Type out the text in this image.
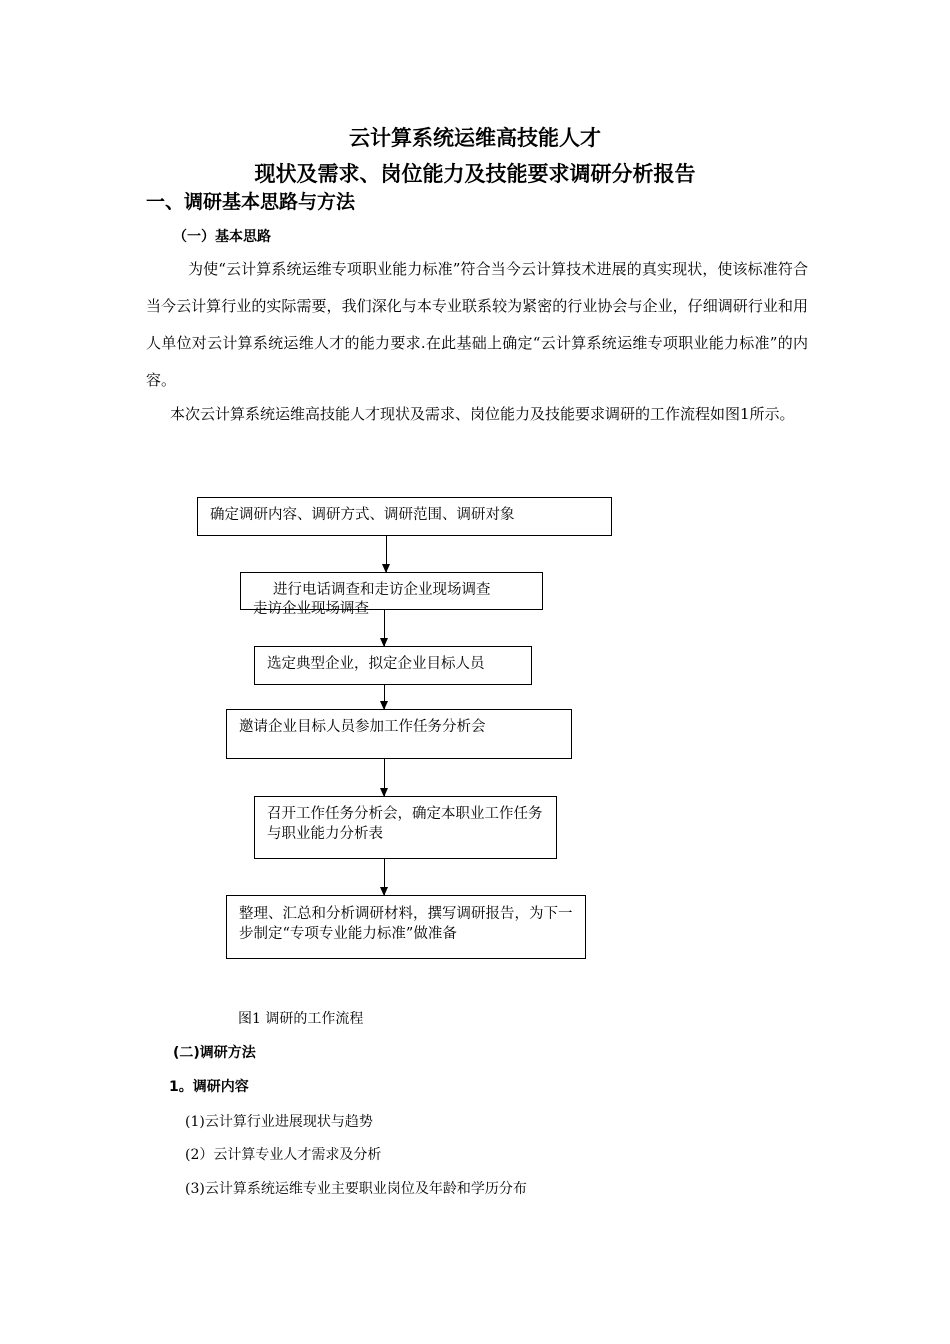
云计算系统运维高技能人才
现状及需求、岗位能力及技能要求调研分析报告
一、调研基本思路与方法
（一）基本思路
为使“云计算系统运维专项职业能力标准”符合当今云计算技术进展的真实现状，使该标准符合当今云计算行业的实际需要，我们深化与本专业联系较为紧密的行业协会与企业，仔细调研行业和用人单位对云计算系统运维人才的能力要求.在此基础上确定“云计算系统运维专项职业能力标准”的内容。
本次云计算系统运维高技能人才现状及需求、岗位能力及技能要求调研的工作流程如图1所示。
确定调研内容、调研方式、调研范围、调研对象
进行电话调查和走访企业现场调查
走访企业现场调查
选定典型企业，拟定企业目标人员
邀请企业目标人员参加工作任务分析会
召开工作任务分析会，确定本职业工作任务与职业能力分析表
整理、汇总和分析调研材料，撰写调研报告，为下一步制定“专项专业能力标准”做准备
图1 调研的工作流程
(二)调研方法
1。调研内容
(1)云计算行业进展现状与趋势
(2）云计算专业人才需求及分析
(3)云计算系统运维专业主要职业岗位及年龄和学历分布
